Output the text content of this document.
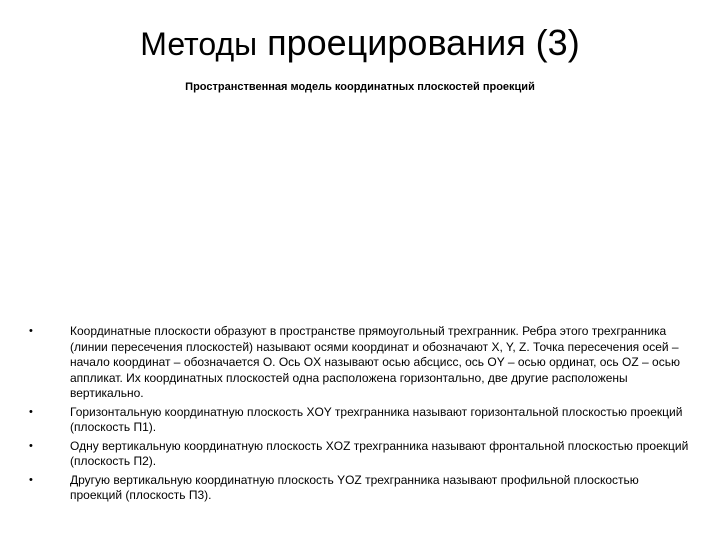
Методы проецирования (3)
Пространственная модель координатных плоскостей проекций
•	Координатные плоскости образуют в пространстве прямоугольный трехгранник. Ребра этого трехгранника (линии пересечения плоскостей) называют осями координат и обозначают X, Y, Z. Точка пересечения осей – начало координат – обозначается O. Ось OX называют осью абсцисс, ось OY – осью ординат, ось OZ – осью аппликат. Их координатных плоскостей одна расположена горизонтально, две другие расположены вертикально.
•	Горизонтальную координатную плоскость XOY трехгранника называют горизонтальной плоскостью проекций (плоскость П1).
•	Одну вертикальную координатную плоскость XOZ трехгранника называют фронтальной плоскостью проекций (плоскость П2).
•	Другую вертикальную координатную плоскость YOZ трехгранника называют профильной плоскостью проекций (плоскость П3).
